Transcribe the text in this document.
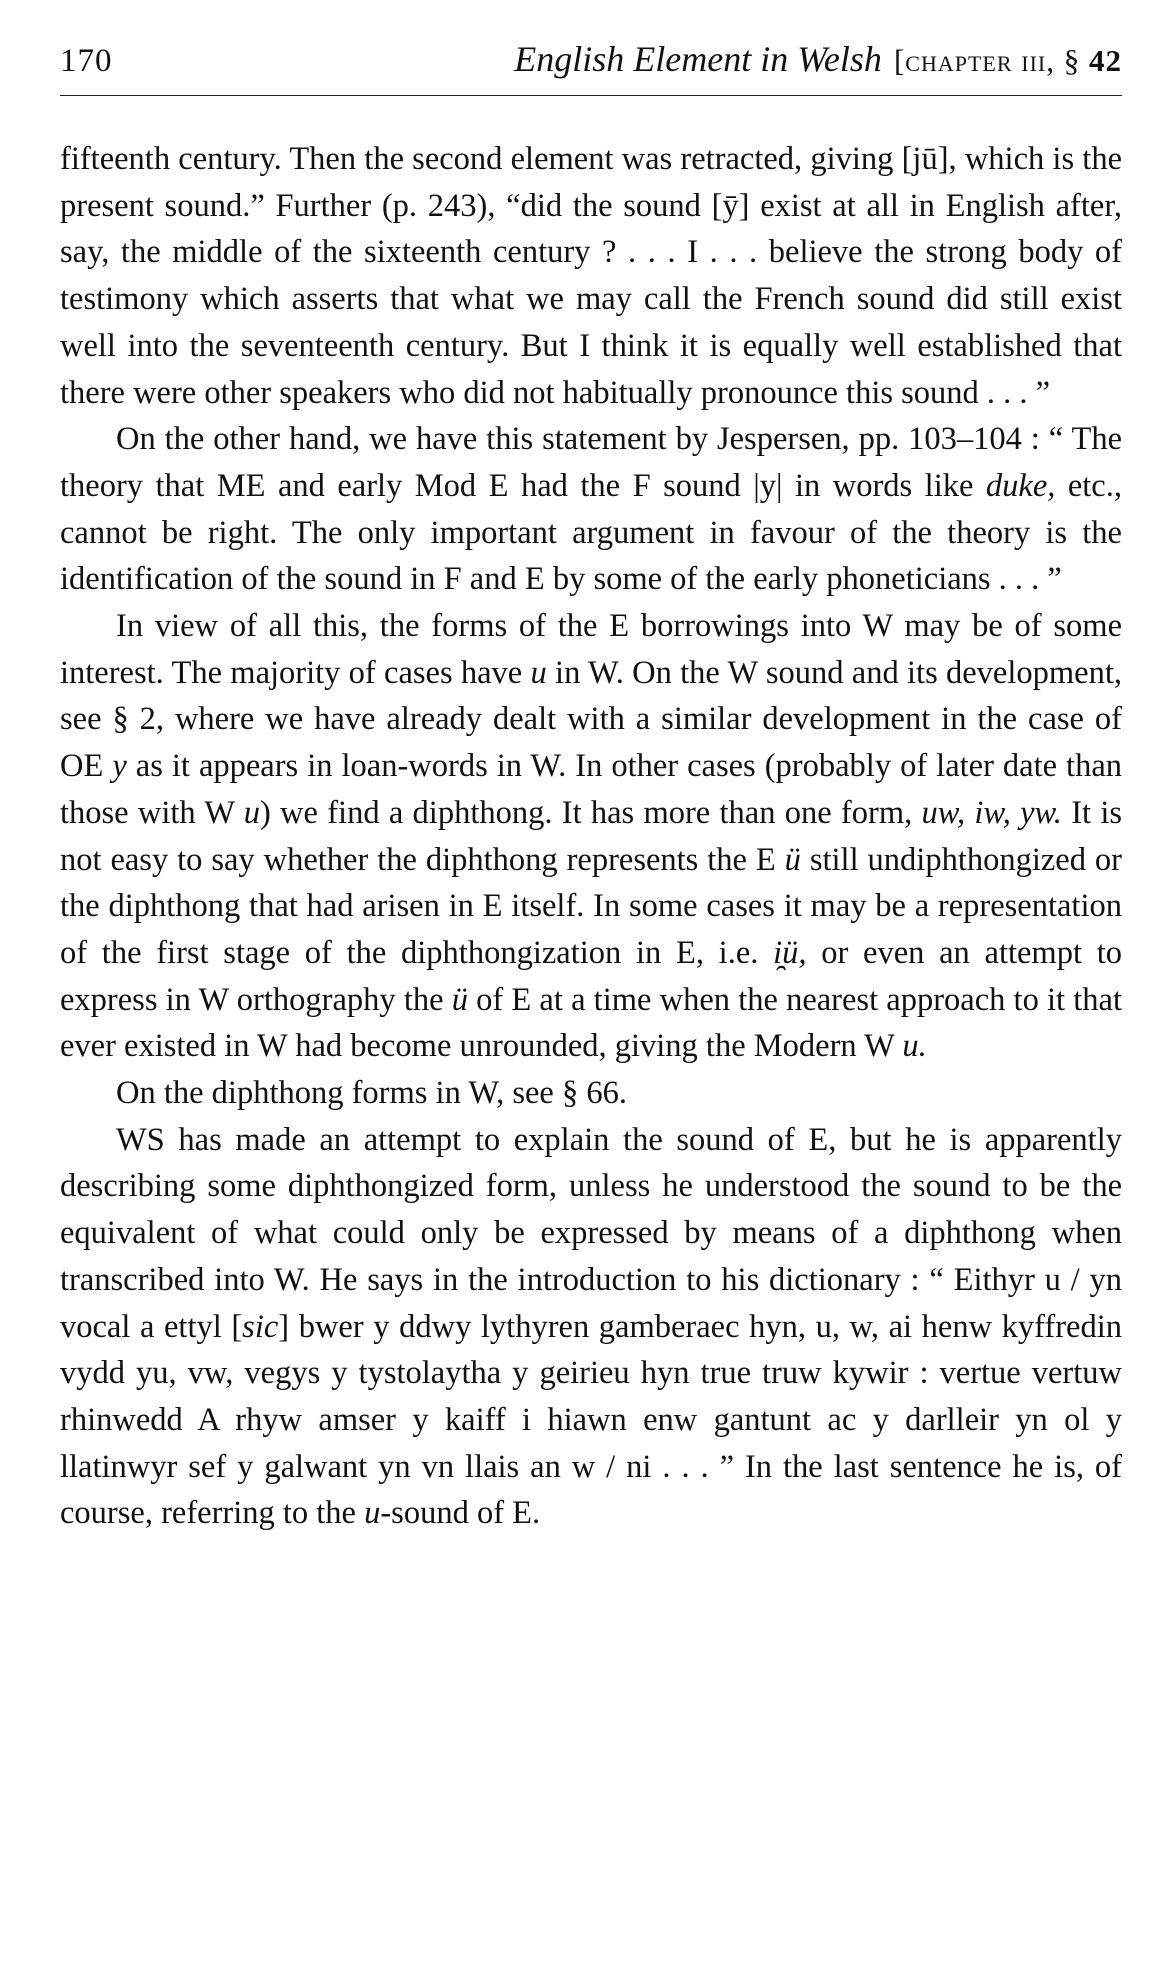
170	English Element in Welsh [chapter iii, § 42

fifteenth century. Then the second element was retracted, giving [jū], which is the present sound.” Further (p. 243), “did the sound [ȳ] exist at all in English after, say, the middle of the sixteenth century ? . . . I . . . believe the strong body of testimony which asserts that what we may call the French sound did still exist well into the seventeenth century. But I think it is equally well established that there were other speakers who did not habitually pronounce this sound . . . ”

On the other hand, we have this statement by Jespersen, pp. 103–104 : “ The theory that ME and early Mod E had the F sound |y| in words like duke, etc., cannot be right. The only important argument in favour of the theory is the identification of the sound in F and E by some of the early phoneticians . . . ”

In view of all this, the forms of the E borrowings into W may be of some interest. The majority of cases have u in W. On the W sound and its development, see § 2, where we have already dealt with a similar development in the case of OE y as it appears in loan-words in W. In other cases (probably of later date than those with W u) we find a diphthong. It has more than one form, uw, iw, yw. It is not easy to say whether the diphthong represents the E ü still undiphthongized or the diphthong that had arisen in E itself. In some cases it may be a representation of the first stage of the diphthongization in E, i.e. i̯ü, or even an attempt to express in W orthography the ü of E at a time when the nearest approach to it that ever existed in W had become unrounded, giving the Modern W u.

On the diphthong forms in W, see § 66.

WS has made an attempt to explain the sound of E, but he is apparently describing some diphthongized form, unless he understood the sound to be the equivalent of what could only be expressed by means of a diphthong when transcribed into W. He says in the introduction to his dictionary : “ Eithyr u / yn vocal a ettyl [sic] bwer y ddwy lythyren gamberaec hyn, u, w, ai henw kyffredin vydd yu, vw, vegys y tystolaytha y geirieu hyn true truw kywir : vertue vertuw rhinwedd A rhyw amser y kaiff i hiawn enw gantunt ac y darlleir yn ol y llatinwyr sef y galwant yn vn llais an w / ni . . . ” In the last sentence he is, of course, referring to the u-sound of E.
